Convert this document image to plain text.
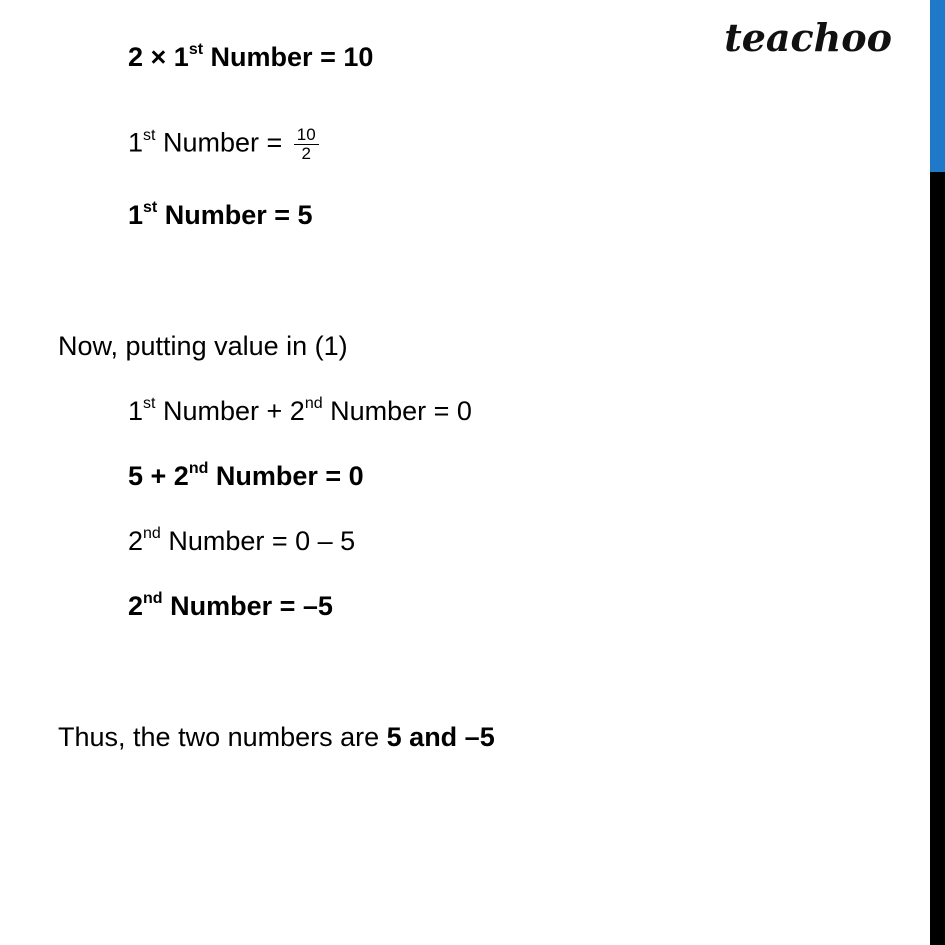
teachoo
2 × 1st Number = 10
1st Number = $\frac{10}{2}$
1st Number = 5
Now, putting value in (1)
1st Number + 2nd Number = 0
5 + 2nd Number = 0
2nd Number = 0 – 5
2nd Number = –5
Thus, the two numbers are 5 and –5
